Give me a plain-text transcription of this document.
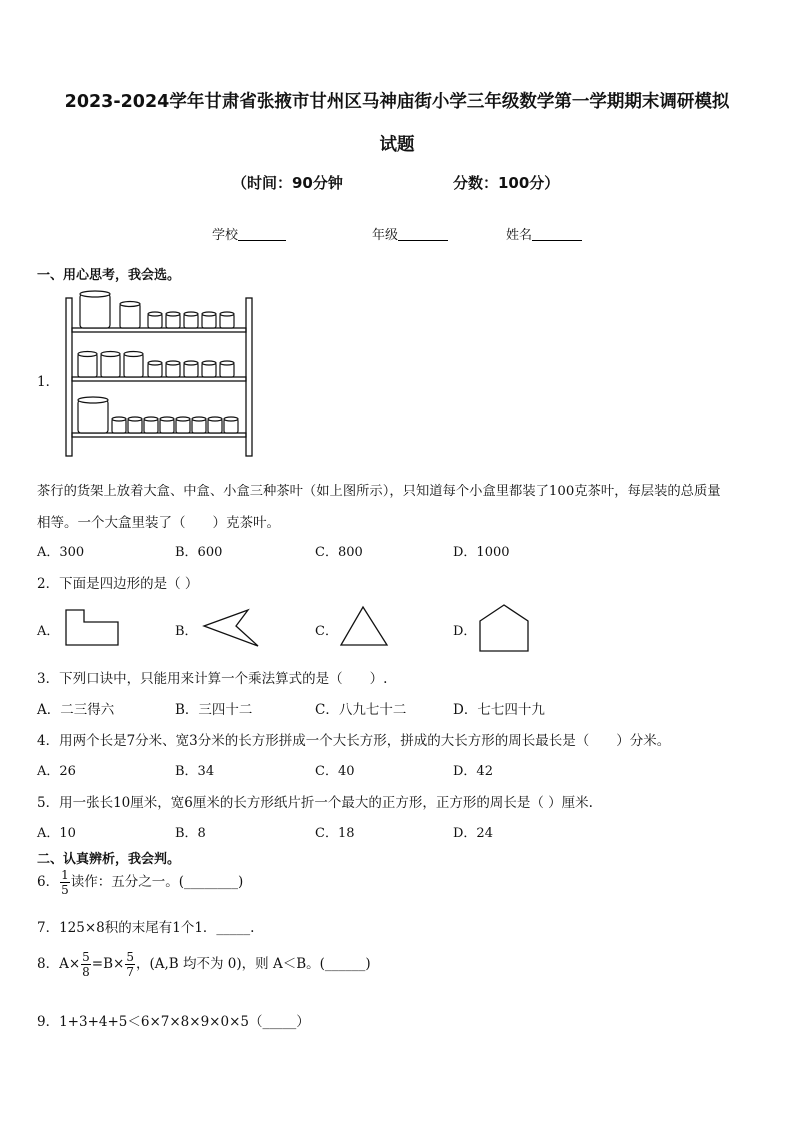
2023-2024学年甘肃省张掖市甘州区马神庙街小学三年级数学第一学期期末调研模拟
试题
（时间：90分钟	分数：100分）
学校	年级	姓名
一、用心思考，我会选。
1．
茶行的货架上放着大盒、中盒、小盒三种茶叶（如上图所示），只知道每个小盒里都装了100克茶叶，每层装的总质量
相等。一个大盒里装了（　　）克茶叶。
A．300	B．600	C．800	D．1000
2．下面是四边形的是（ ）
A．	B．	C．	D．
3．下列口诀中，只能用来计算一个乘法算式的是（　　）.
A．二三得六	B．三四十二	C．八九七十二	D．七七四十九
4．用两个长是7分米、宽3分米的长方形拼成一个大长方形，拼成的大长方形的周长最长是（　　）分米。
A．26	B．34	C．40	D．42
5．用一张长10厘米，宽6厘米的长方形纸片折一个最大的正方形，正方形的周长是（ ）厘米.
A．10	B．8	C．18	D．24
二、认真辨析，我会判。
6． $\frac{1}{5}$ 读作：五分之一。(________)
7．125×8积的末尾有1个1．_____.
8．$A\times \frac{5}{8} =B\times \frac{5}{7}$ ，(A,B 均不为 0)，则 A＜B。(______)
9．1+3+4+5＜6×7×8×9×0×5（_____）
